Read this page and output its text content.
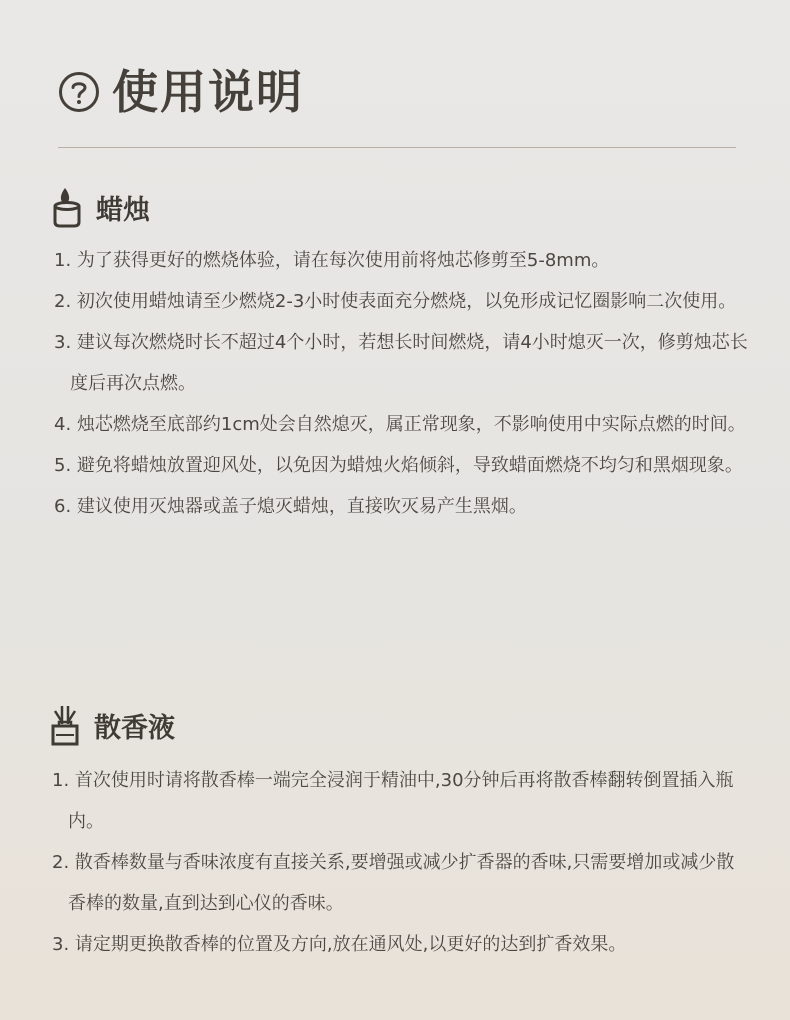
使用说明
蜡烛
1. 为了获得更好的燃烧体验，请在每次使用前将烛芯修剪至5-8mm。
2. 初次使用蜡烛请至少燃烧2-3小时使表面充分燃烧，以免形成记忆圈影响二次使用。
3. 建议每次燃烧时长不超过4个小时，若想长时间燃烧，请4小时熄灭一次，修剪烛芯长度后再次点燃。
4. 烛芯燃烧至底部约1cm处会自然熄灭，属正常现象，不影响使用中实际点燃的时间。
5. 避免将蜡烛放置迎风处，以免因为蜡烛火焰倾斜，导致蜡面燃烧不均匀和黑烟现象。
6. 建议使用灭烛器或盖子熄灭蜡烛，直接吹灭易产生黑烟。
散香液
1. 首次使用时请将散香棒一端完全浸润于精油中,30分钟后再将散香棒翻转倒置插入瓶内。
2. 散香棒数量与香味浓度有直接关系,要增强或减少扩香器的香味,只需要增加或减少散香棒的数量,直到达到心仪的香味。
3. 请定期更换散香棒的位置及方向,放在通风处,以更好的达到扩香效果。
